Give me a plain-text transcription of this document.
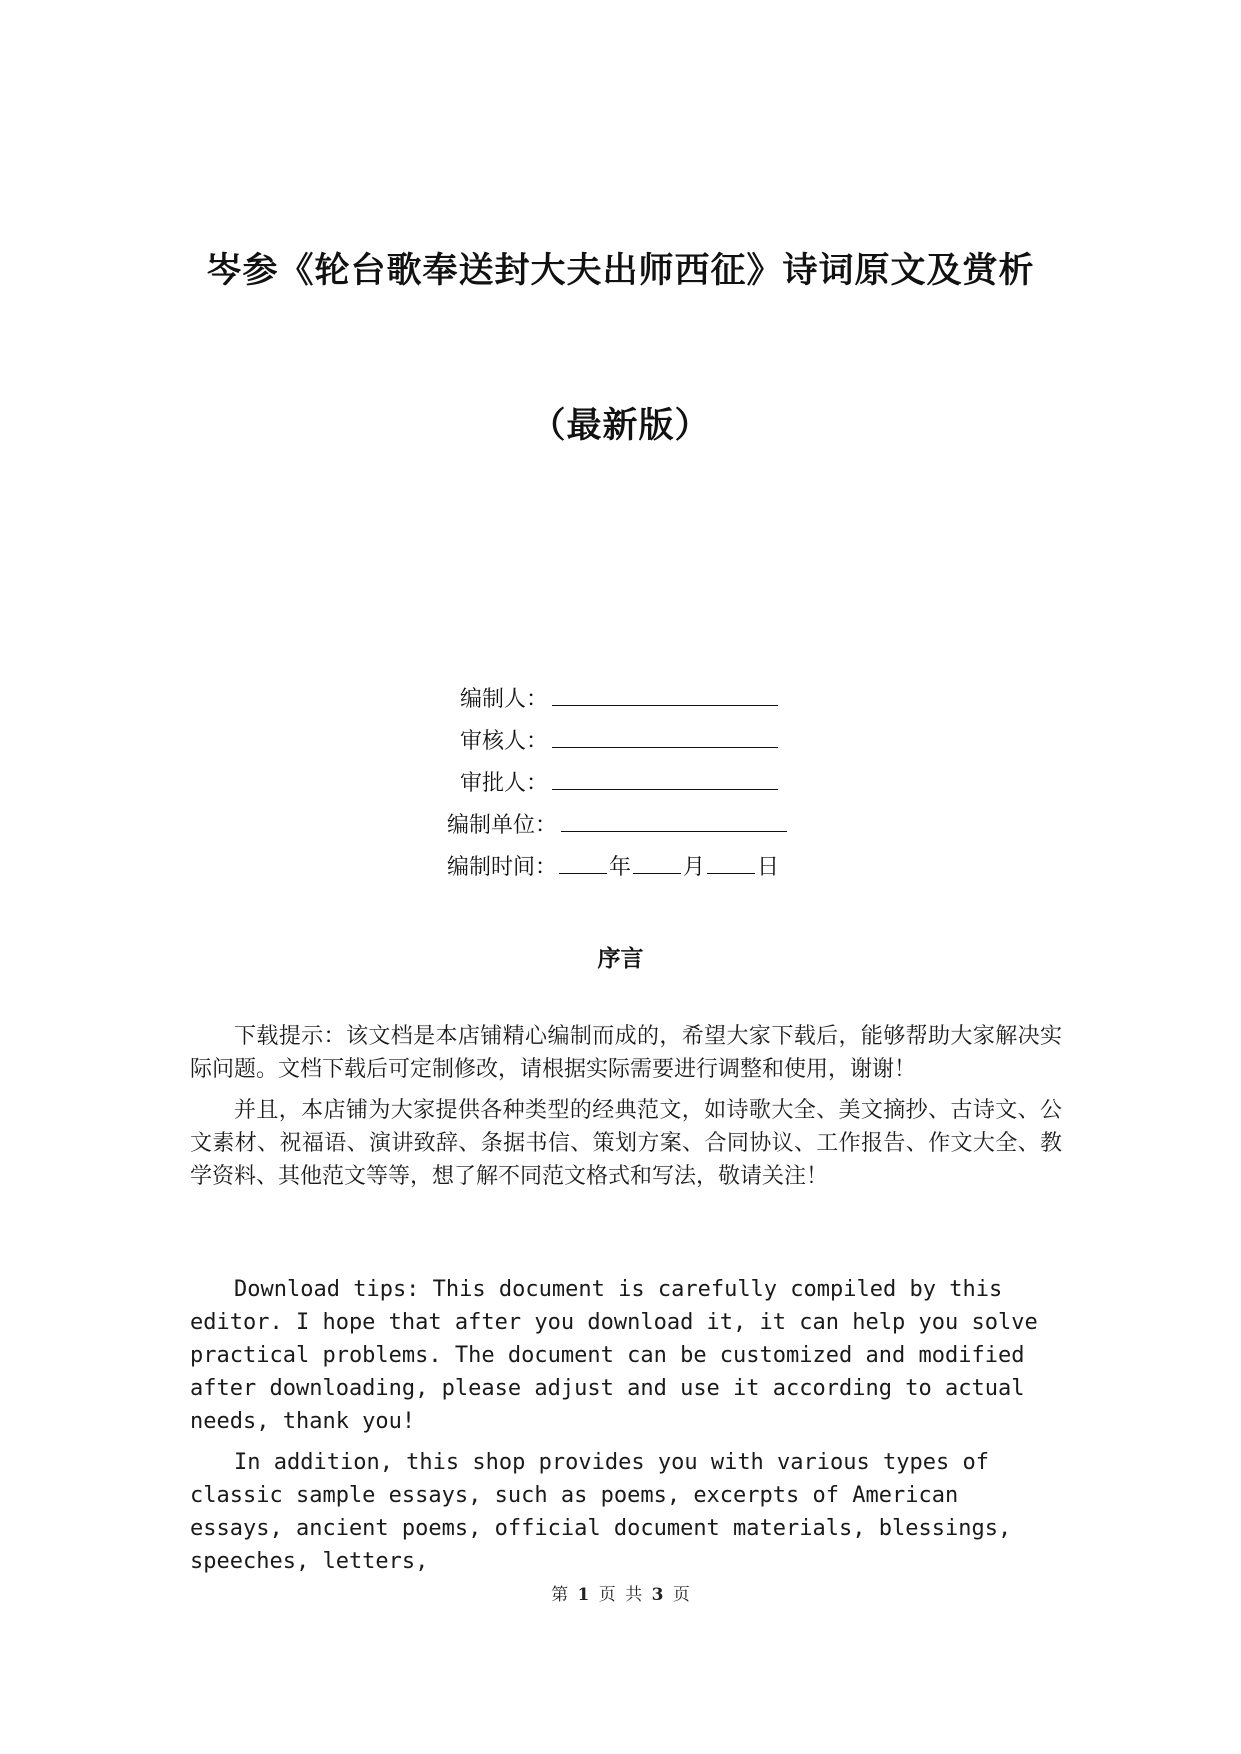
岑参《轮台歌奉送封大夫出师西征》诗词原文及赏析
（最新版）
编制人：
审核人：
审批人：
编制单位：
编制时间： 年 月 日
序言

下载提示：该文档是本店铺精心编制而成的，希望大家下载后，能够帮助大家解决实际问题。文档下载后可定制修改，请根据实际需要进行调整和使用，谢谢！

并且，本店铺为大家提供各种类型的经典范文，如诗歌大全、美文摘抄、古诗文、公文素材、祝福语、演讲致辞、条据书信、策划方案、合同协议、工作报告、作文大全、教学资料、其他范文等等，想了解不同范文格式和写法，敬请关注！

Download tips: This document is carefully compiled by this editor. I hope that after you download it, it can help you solve practical problems. The document can be customized and modified after downloading, please adjust and use it according to actual needs, thank you!

In addition, this shop provides you with various types of classic sample essays, such as poems, excerpts of American essays, ancient poems, official document materials, blessings, speeches, letters,

第 1 页 共 3 页
